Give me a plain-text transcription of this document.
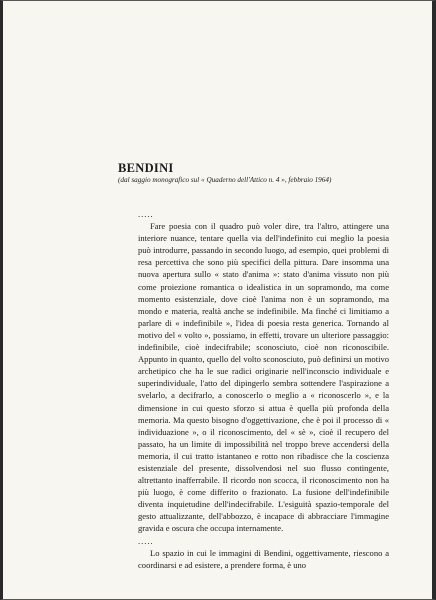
BENDINI
(dal saggio monografico sul « Quaderno dell'Attico n. 4 », febbraio 1964)
.....

Fare poesia con il quadro può voler dire, tra l'altro, attingere una interiore nuance, tentare quella via dell'indefinito cui meglio la poesia può introdurre, passando in secondo luogo, ad esempio, quei problemi di resa percettiva che sono più specifici della pittura. Dare insomma una nuova apertura sullo « stato d'anima »: stato d'anima vissuto non più come proiezione romantica o idealistica in un sopramondo, ma come momento esistenziale, dove cioè l'anima non è un sopramondo, ma mondo e materia, realtà anche se indefinibile. Ma finché ci limitiamo a parlare di « indefinibile », l'idea di poesia resta generica. Tornando al motivo del « volto », possiamo, in effetti, trovare un ulteriore passaggio: indefinibile, cioè indecifrabile; sconosciuto, cioè non riconoscibile. Appunto in quanto, quello del volto sconosciuto, può definirsi un motivo archetipico che ha le sue radici originarie nell'inconscio individuale e superindividuale, l'atto del dipingerlo sembra sottendere l'aspirazione a svelarlo, a decifrarlo, a conoscerlo o meglio a « riconoscerlo », e la dimensione in cui questo sforzo si attua è quella più profonda della memoria. Ma questo bisogno d'oggettivazione, che è poi il processo di « individuazione », o il riconoscimento, del « sè », cioè il recupero del passato, ha un limite di impossibilità nel troppo breve accendersi della memoria, il cui tratto istantaneo e rotto non ribadisce che la coscienza esistenziale del presente, dissolvendosi nel suo flusso contingente, altrettanto inafferrabile. Il ricordo non scocca, il riconoscimento non ha più luogo, è come differito o frazionato. La fusione dell'indefinibile diventa inquietudine dell'indecifrabile. L'esiguità spazio-temporale del gesto attualizzante, dell'abbozzo, è incapace di abbracciare l'immagine gravida e oscura che occupa internamente.

.....

Lo spazio in cui le immagini di Bendini, oggettivamente, riescono a coordinarsi e ad esistere, a prendere forma, è uno
